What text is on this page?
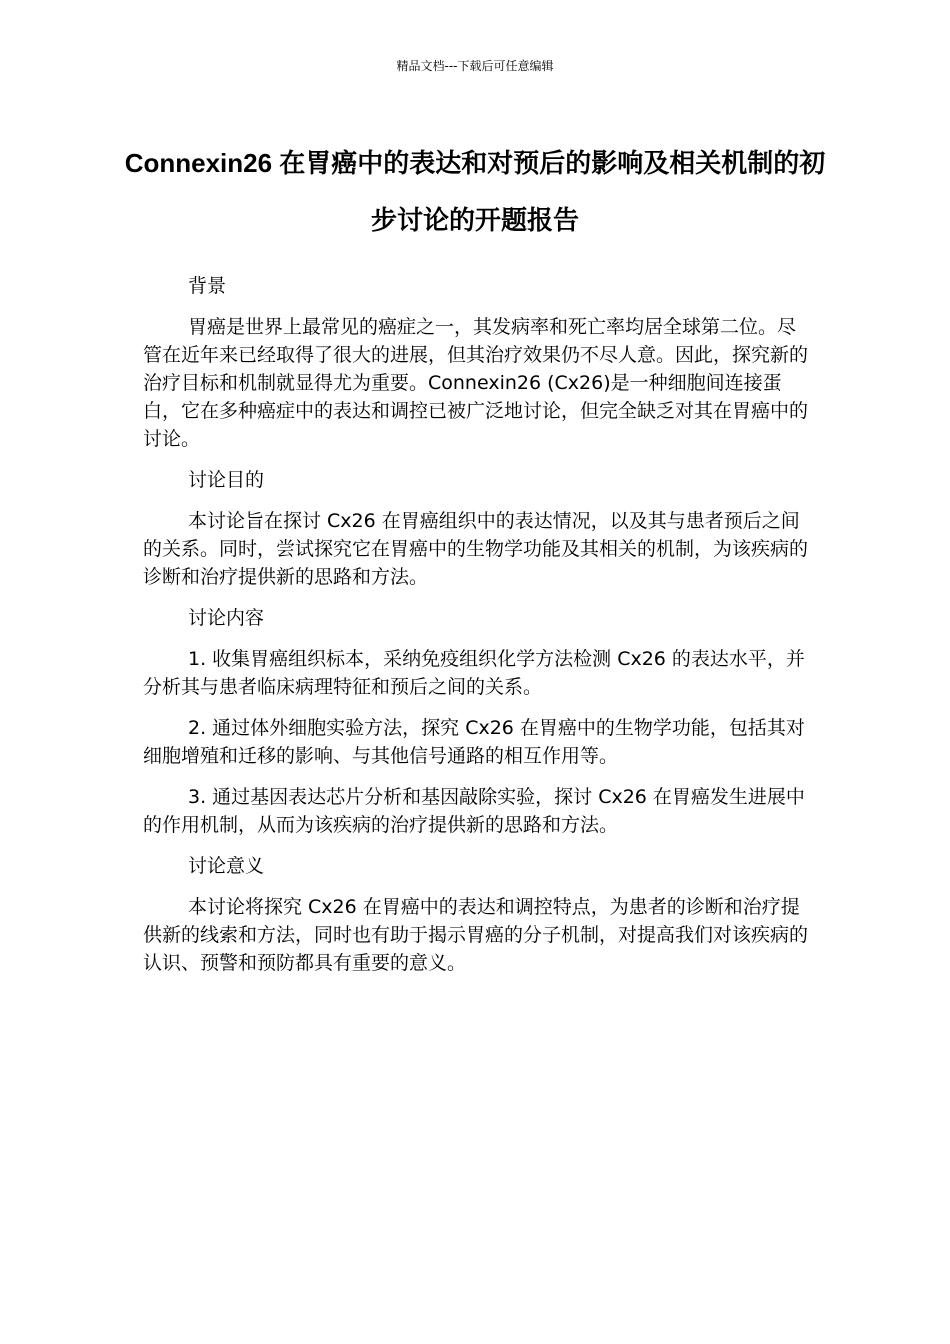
精品文档---下载后可任意编辑
Connexin26 在胃癌中的表达和对预后的影响及相关机制的初步讨论的开题报告

背景

胃癌是世界上最常见的癌症之一，其发病率和死亡率均居全球第二位。尽管在近年来已经取得了很大的进展，但其治疗效果仍不尽人意。因此，探究新的治疗目标和机制就显得尤为重要。Connexin26 (Cx26)是一种细胞间连接蛋白，它在多种癌症中的表达和调控已被广泛地讨论，但完全缺乏对其在胃癌中的讨论。

讨论目的

本讨论旨在探讨 Cx26 在胃癌组织中的表达情况，以及其与患者预后之间的关系。同时，尝试探究它在胃癌中的生物学功能及其相关的机制，为该疾病的诊断和治疗提供新的思路和方法。

讨论内容

1. 收集胃癌组织标本，采纳免疫组织化学方法检测 Cx26 的表达水平，并分析其与患者临床病理特征和预后之间的关系。

2. 通过体外细胞实验方法，探究 Cx26 在胃癌中的生物学功能，包括其对细胞增殖和迁移的影响、与其他信号通路的相互作用等。

3. 通过基因表达芯片分析和基因敲除实验，探讨 Cx26 在胃癌发生进展中的作用机制，从而为该疾病的治疗提供新的思路和方法。

讨论意义

本讨论将探究 Cx26 在胃癌中的表达和调控特点，为患者的诊断和治疗提供新的线索和方法，同时也有助于揭示胃癌的分子机制，对提高我们对该疾病的认识、预警和预防都具有重要的意义。
